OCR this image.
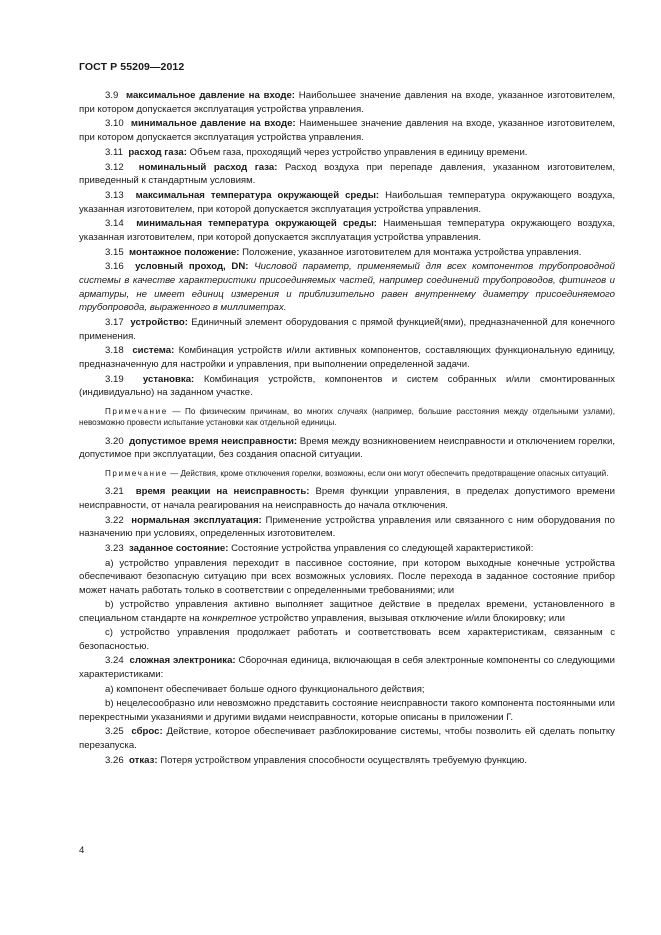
ГОСТ Р 55209—2012

3.9 максимальное давление на входе: Наибольшее значение давления на входе, указанное изготовителем, при котором допускается эксплуатация устройства управления.

3.10 минимальное давление на входе: Наименьшее значение давления на входе, указанное изготовителем, при котором допускается эксплуатация устройства управления.

3.11 расход газа: Объем газа, проходящий через устройство управления в единицу времени.

3.12 номинальный расход газа: Расход воздуха при перепаде давления, указанном изготовителем, приведенный к стандартным условиям.

3.13 максимальная температура окружающей среды: Наибольшая температура окружающего воздуха, указанная изготовителем, при которой допускается эксплуатация устройства управления.

3.14 минимальная температура окружающей среды: Наименьшая температура окружающего воздуха, указанная изготовителем, при которой допускается эксплуатация устройства управления.

3.15 монтажное положение: Положение, указанное изготовителем для монтажа устройства управления.

3.16 условный проход, DN: Числовой параметр, применяемый для всех компонентов трубопроводной системы в качестве характеристики присоединяемых частей, например соединений трубопроводов, фитингов и арматуры, не имеет единиц измерения и приблизительно равен внутреннему диаметру присоединяемого трубопровода, выраженного в миллиметрах.

3.17 устройство: Единичный элемент оборудования с прямой функцией(ями), предназначенной для конечного применения.

3.18 система: Комбинация устройств и/или активных компонентов, составляющих функциональную единицу, предназначенную для настройки и управления, при выполнении определенной задачи.

3.19 установка: Комбинация устройств, компонентов и систем собранных и/или смонтированных (индивидуально) на заданном участке.

Примечание — По физическим причинам, во многих случаях (например, большие расстояния между отдельными узлами), невозможно провести испытание установки как отдельной единицы.

3.20 допустимое время неисправности: Время между возникновением неисправности и отключением горелки, допустимое при эксплуатации, без создания опасной ситуации.

Примечание — Действия, кроме отключения горелки, возможны, если они могут обеспечить предотвращение опасных ситуаций.

3.21 время реакции на неисправность: Время функции управления, в пределах допустимого времени неисправности, от начала реагирования на неисправность до начала отключения.

3.22 нормальная эксплуатация: Применение устройства управления или связанного с ним оборудования по назначению при условиях, определенных изготовителем.

3.23 заданное состояние: Состояние устройства управления со следующей характеристикой:

a) устройство управления переходит в пассивное состояние, при котором выходные конечные устройства обеспечивают безопасную ситуацию при всех возможных условиях. После перехода в заданное состояние прибор может начать работать только в соответствии с определенными требованиями; или

b) устройство управления активно выполняет защитное действие в пределах времени, установленного в специальном стандарте на конкретное устройство управления, вызывая отключение и/или блокировку; или

c) устройство управления продолжает работать и соответствовать всем характеристикам, связанным с безопасностью.

3.24 сложная электроника: Сборочная единица, включающая в себя электронные компоненты со следующими характеристиками:

a) компонент обеспечивает больше одного функционального действия;

b) нецелесообразно или невозможно представить состояние неисправности такого компонента постоянными или перекрестными указаниями и другими видами неисправности, которые описаны в приложении Г.

3.25 сброс: Действие, которое обеспечивает разблокирование системы, чтобы позволить ей сделать попытку перезапуска.

3.26 отказ: Потеря устройством управления способности осуществлять требуемую функцию.

4
